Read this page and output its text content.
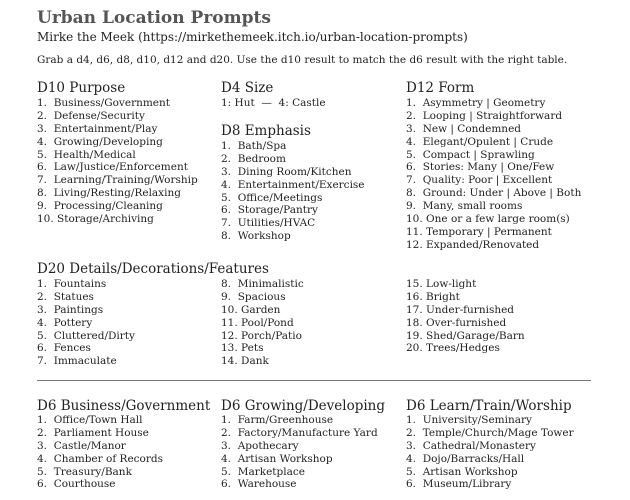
Urban Location Prompts
Mirke the Meek (https://mirkethemeek.itch.io/urban-location-prompts)
Grab a d4, d6, d8, d10, d12 and d20. Use the d10 result to match the d6 result with the right table.
D10 Purpose
1.  Business/Government
2.  Defense/Security
3.  Entertainment/Play
4.  Growing/Developing
5.  Health/Medical
6.  Law/Justice/Enforcement
7.  Learning/Training/Worship
8.  Living/Resting/Relaxing
9.  Processing/Cleaning
10. Storage/Archiving
D4 Size
1: Hut  —  4: Castle
D8 Emphasis
1.  Bath/Spa
2.  Bedroom
3.  Dining Room/Kitchen
4.  Entertainment/Exercise
5.  Office/Meetings
6.  Storage/Pantry
7.  Utilities/HVAC
8.  Workshop
D12 Form
1.  Asymmetry | Geometry
2.  Looping | Straightforward
3.  New | Condemned
4.  Elegant/Opulent | Crude
5.  Compact | Sprawling
6.  Stories: Many | One/Few
7.  Quality: Poor | Excellent
8.  Ground: Under | Above | Both
9.  Many, small rooms
10. One or a few large room(s)
11. Temporary | Permanent
12. Expanded/Renovated
D20 Details/Decorations/Features
1.  Fountains
2.  Statues
3.  Paintings
4.  Pottery
5.  Cluttered/Dirty
6.  Fences
7.  Immaculate
8.  Minimalistic
9.  Spacious
10. Garden
11. Pool/Pond
12. Porch/Patio
13. Pets
14. Dank
15. Low-light
16. Bright
17. Under-furnished
18. Over-furnished
19. Shed/Garage/Barn
20. Trees/Hedges
D6 Business/Government
1.  Office/Town Hall
2.  Parliament House
3.  Castle/Manor
4.  Chamber of Records
5.  Treasury/Bank
6.  Courthouse
D6 Growing/Developing
1.  Farm/Greenhouse
2.  Factory/Manufacture Yard
3.  Apothecary
4.  Artisan Workshop
5.  Marketplace
6.  Warehouse
D6 Learn/Train/Worship
1.  University/Seminary
2.  Temple/Church/Mage Tower
3.  Cathedral/Monastery
4.  Dojo/Barracks/Hall
5.  Artisan Workshop
6.  Museum/Library
